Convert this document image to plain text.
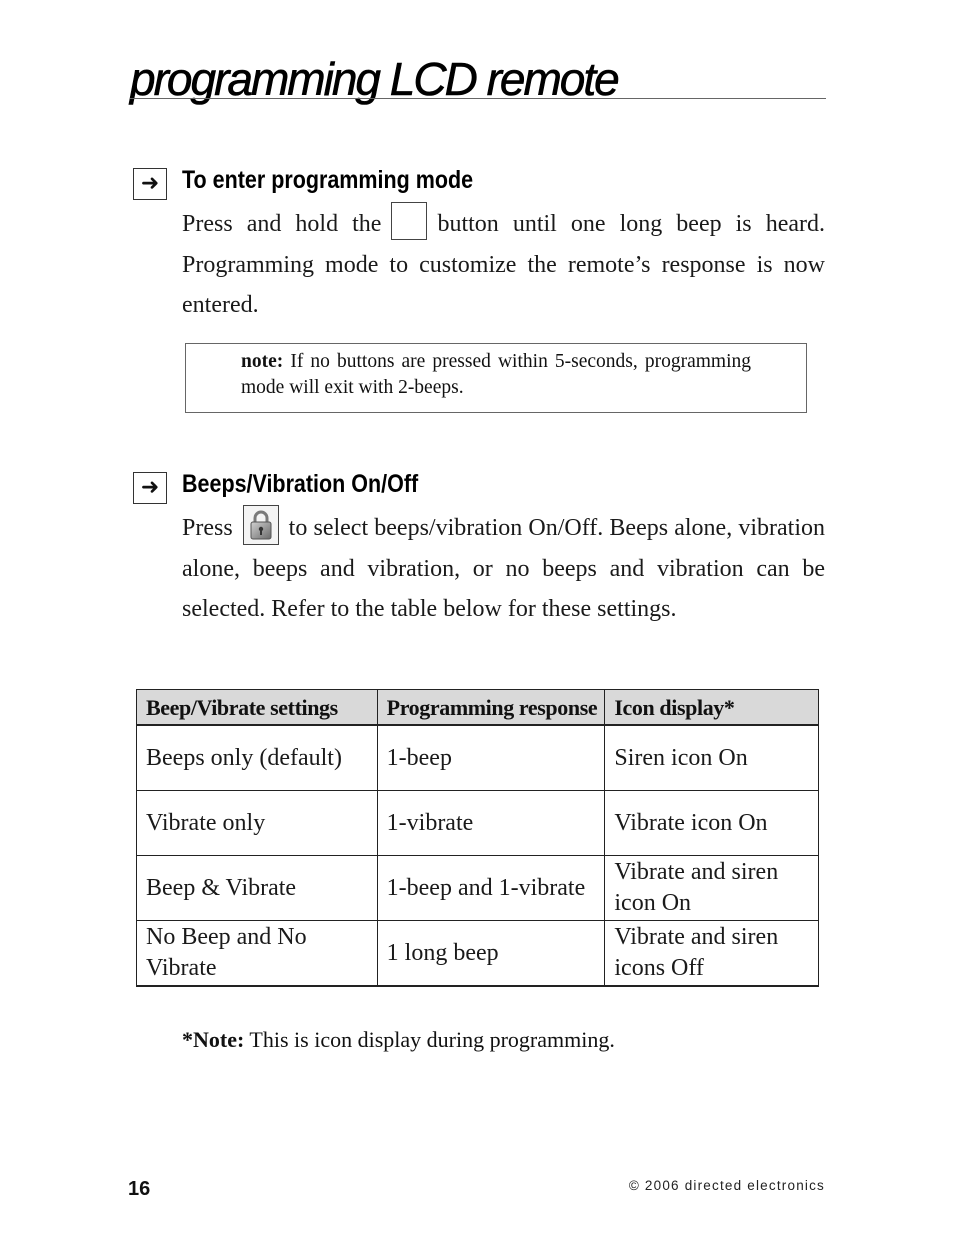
programming LCD remote
➜ To enter programming mode
Press and hold the button until one long beep is heard. Programming mode to customize the remote’s response is now entered.
note: If no buttons are pressed within 5-seconds, programming mode will exit with 2-beeps.
➜ Beeps/Vibration On/Off
Press to select beeps/vibration On/Off. Beeps alone, vibration alone, beeps and vibration, or no beeps and vibration can be selected. Refer to the table below for these settings.
Beep/Vibrate settings	Programming response	Icon display*
Beeps only (default)	1-beep	Siren icon On
Vibrate only	1-vibrate	Vibrate icon On
Beep & Vibrate	1-beep and 1-vibrate	Vibrate and siren icon On
No Beep and No Vibrate	1 long beep	Vibrate and siren icons Off
*Note: This is icon display during programming.
16	© 2006 directed electronics
